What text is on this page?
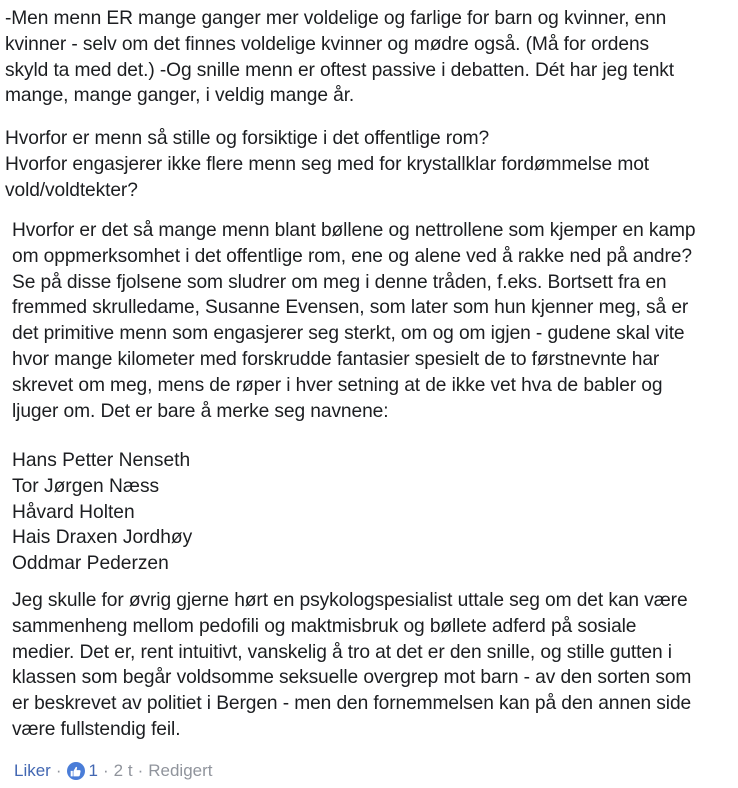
-Men menn ER mange ganger mer voldelige og farlige for barn og kvinner, enn
kvinner - selv om det finnes voldelige kvinner og mødre også. (Må for ordens
skyld ta med det.) -Og snille menn er oftest passive i debatten. Dét har jeg tenkt
mange, mange ganger, i veldig mange år.

Hvorfor er menn så stille og forsiktige i det offentlige rom?
Hvorfor engasjerer ikke flere menn seg med for krystallklar fordømmelse mot
vold/voldtekter?

Hvorfor er det så mange menn blant bøllene og nettrollene som kjemper en kamp
om oppmerksomhet i det offentlige rom, ene og alene ved å rakke ned på andre?
Se på disse fjolsene som sludrer om meg i denne tråden, f.eks. Bortsett fra en
fremmed skrulledame, Susanne Evensen, som later som hun kjenner meg, så er
det primitive menn som engasjerer seg sterkt, om og om igjen - gudene skal vite
hvor mange kilometer med forskrudde fantasier spesielt de to førstnevnte har
skrevet om meg, mens de røper i hver setning at de ikke vet hva de babler og
ljuger om. Det er bare å merke seg navnene:

Hans Petter Nenseth
Tor Jørgen Næss
Håvard Holten
Hais Draxen Jordhøy
Oddmar Pederzen

Jeg skulle for øvrig gjerne hørt en psykologspesialist uttale seg om det kan være
sammenheng mellom pedofili og maktmisbruk og bøllete adferd på sosiale
medier. Det er, rent intuitivt, vanskelig å tro at det er den snille, og stille gutten i
klassen som begår voldsomme seksuelle overgrep mot barn - av den sorten som
er beskrevet av politiet i Bergen - men den fornemmelsen kan på den annen side
være fullstendig feil.

Liker · 1 · 2 t · Redigert
